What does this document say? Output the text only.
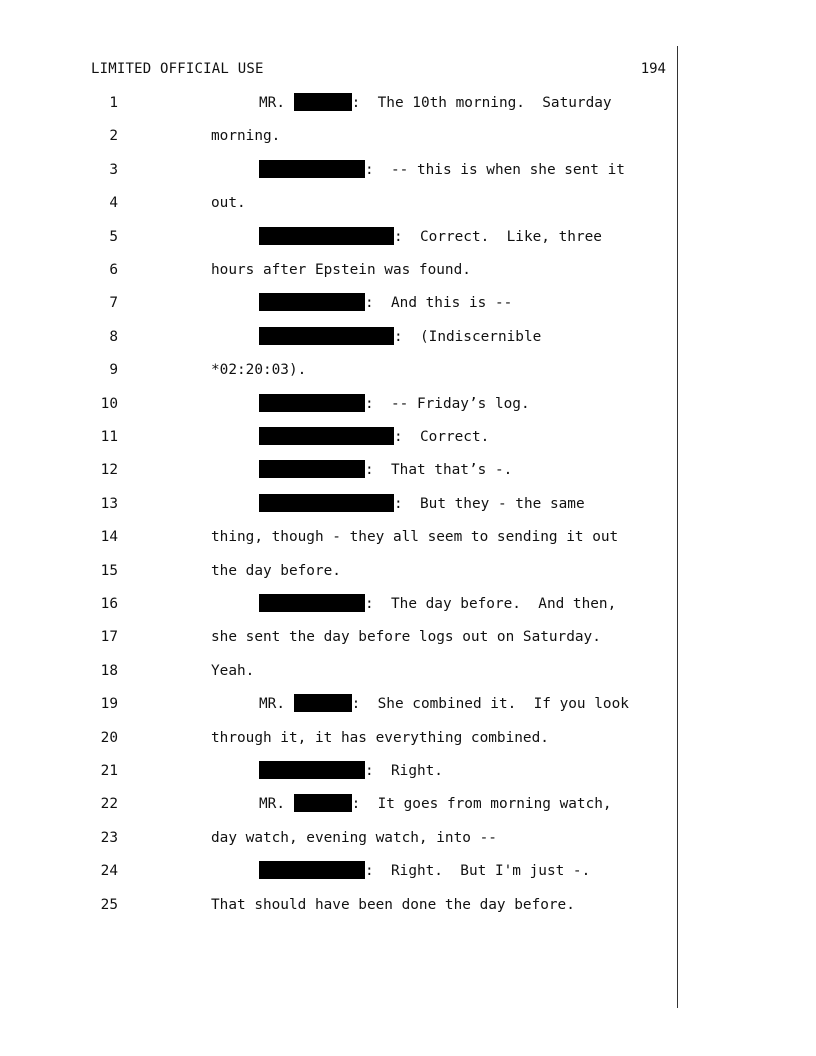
LIMITED OFFICIAL USE	194
1	MR.	:  The 10th morning.  Saturday
2	morning.
3	:  -- this is when she sent it
4	out.
5	:  Correct.  Like, three
6	hours after Epstein was found.
7	:  And this is --
8	:  (Indiscernible
9	*02:20:03).
10	:  -- Friday’s log.
11	:  Correct.
12	:  That that’s -.
13	:  But they - the same
14	thing, though - they all seem to sending it out
15	the day before.
16	:  The day before.  And then,
17	she sent the day before logs out on Saturday.
18	Yeah.
19	MR.	:  She combined it.  If you look
20	through it, it has everything combined.
21	:  Right.
22	MR.	:  It goes from morning watch,
23	day watch, evening watch, into --
24	:  Right.  But I'm just -.
25	That should have been done the day before.
